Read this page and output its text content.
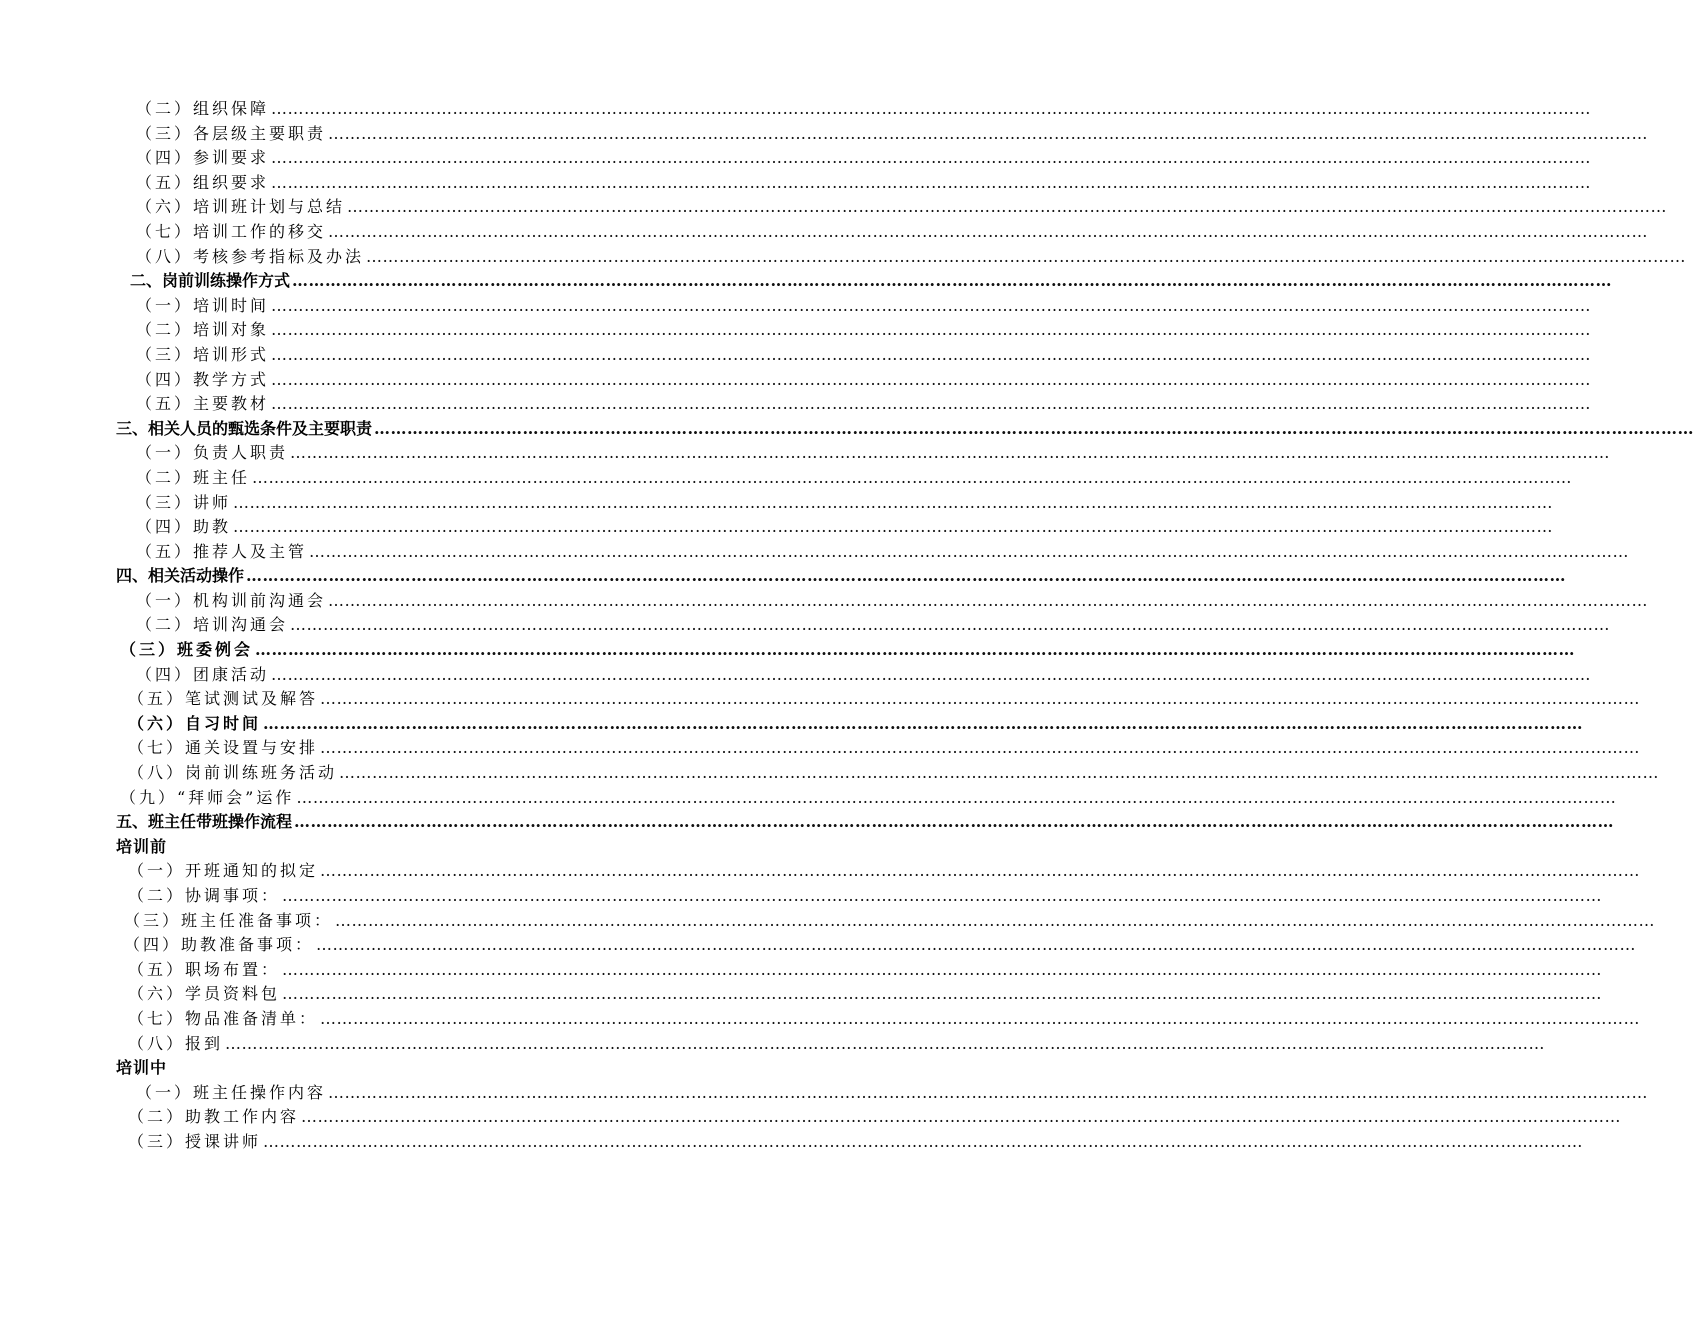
（二）组织保障 ……………………………………………………………………………………………………………………………………………………………………………………………………………………
（三）各层级主要职责 ……………………………………………………………………………………………………………………………………………………………………………………………………………………
（四）参训要求 ……………………………………………………………………………………………………………………………………………………………………………………………………………………
（五）组织要求 ……………………………………………………………………………………………………………………………………………………………………………………………………………………
（六）培训班计划与总结 ……………………………………………………………………………………………………………………………………………………………………………………………………………………
（七）培训工作的移交 ……………………………………………………………………………………………………………………………………………………………………………………………………………………
（八）考核参考指标及办法 ……………………………………………………………………………………………………………………………………………………………………………………………………………………
二、岗前训练操作方式 ……………………………………………………………………………………………………………………………………………………………………………………………………………………
（一）培训时间 ……………………………………………………………………………………………………………………………………………………………………………………………………………………
（二）培训对象 ……………………………………………………………………………………………………………………………………………………………………………………………………………………
（三）培训形式 ……………………………………………………………………………………………………………………………………………………………………………………………………………………
（四）教学方式 ……………………………………………………………………………………………………………………………………………………………………………………………………………………
（五）主要教材 ……………………………………………………………………………………………………………………………………………………………………………………………………………………
三、相关人员的甄选条件及主要职责 ……………………………………………………………………………………………………………………………………………………………………………………………………………………
（一）负责人职责 ……………………………………………………………………………………………………………………………………………………………………………………………………………………
（二）班主任 ……………………………………………………………………………………………………………………………………………………………………………………………………………………
（三）讲师 ……………………………………………………………………………………………………………………………………………………………………………………………………………………
（四）助教 ……………………………………………………………………………………………………………………………………………………………………………………………………………………
（五）推荐人及主管 ……………………………………………………………………………………………………………………………………………………………………………………………………………………
四、相关活动操作 ……………………………………………………………………………………………………………………………………………………………………………………………………………………
（一）机构训前沟通会 ……………………………………………………………………………………………………………………………………………………………………………………………………………………
（二）培训沟通会 ……………………………………………………………………………………………………………………………………………………………………………………………………………………
（三）班委例会 ……………………………………………………………………………………………………………………………………………………………………………………………………………………
（四）团康活动 ……………………………………………………………………………………………………………………………………………………………………………………………………………………
（五）笔试测试及解答 ……………………………………………………………………………………………………………………………………………………………………………………………………………………
（六）自习时间 ……………………………………………………………………………………………………………………………………………………………………………………………………………………
（七）通关设置与安排 ……………………………………………………………………………………………………………………………………………………………………………………………………………………
（八）岗前训练班务活动 ……………………………………………………………………………………………………………………………………………………………………………………………………………………
（九）“拜师会”运作 ……………………………………………………………………………………………………………………………………………………………………………………………………………………
五、班主任带班操作流程 ……………………………………………………………………………………………………………………………………………………………………………………………………………………
培训前
（一）开班通知的拟定 ……………………………………………………………………………………………………………………………………………………………………………………………………………………
（二）协调事项： ……………………………………………………………………………………………………………………………………………………………………………………………………………………
（三）班主任准备事项： ……………………………………………………………………………………………………………………………………………………………………………………………………………………
（四）助教准备事项： ……………………………………………………………………………………………………………………………………………………………………………………………………………………
（五）职场布置： ……………………………………………………………………………………………………………………………………………………………………………………………………………………
（六）学员资料包 ……………………………………………………………………………………………………………………………………………………………………………………………………………………
（七）物品准备清单： ……………………………………………………………………………………………………………………………………………………………………………………………………………………
（八）报到 ……………………………………………………………………………………………………………………………………………………………………………………………………………………
培训中
（一）班主任操作内容 ……………………………………………………………………………………………………………………………………………………………………………………………………………………
（二）助教工作内容 ……………………………………………………………………………………………………………………………………………………………………………………………………………………
（三）授课讲师 ……………………………………………………………………………………………………………………………………………………………………………………………………………………
